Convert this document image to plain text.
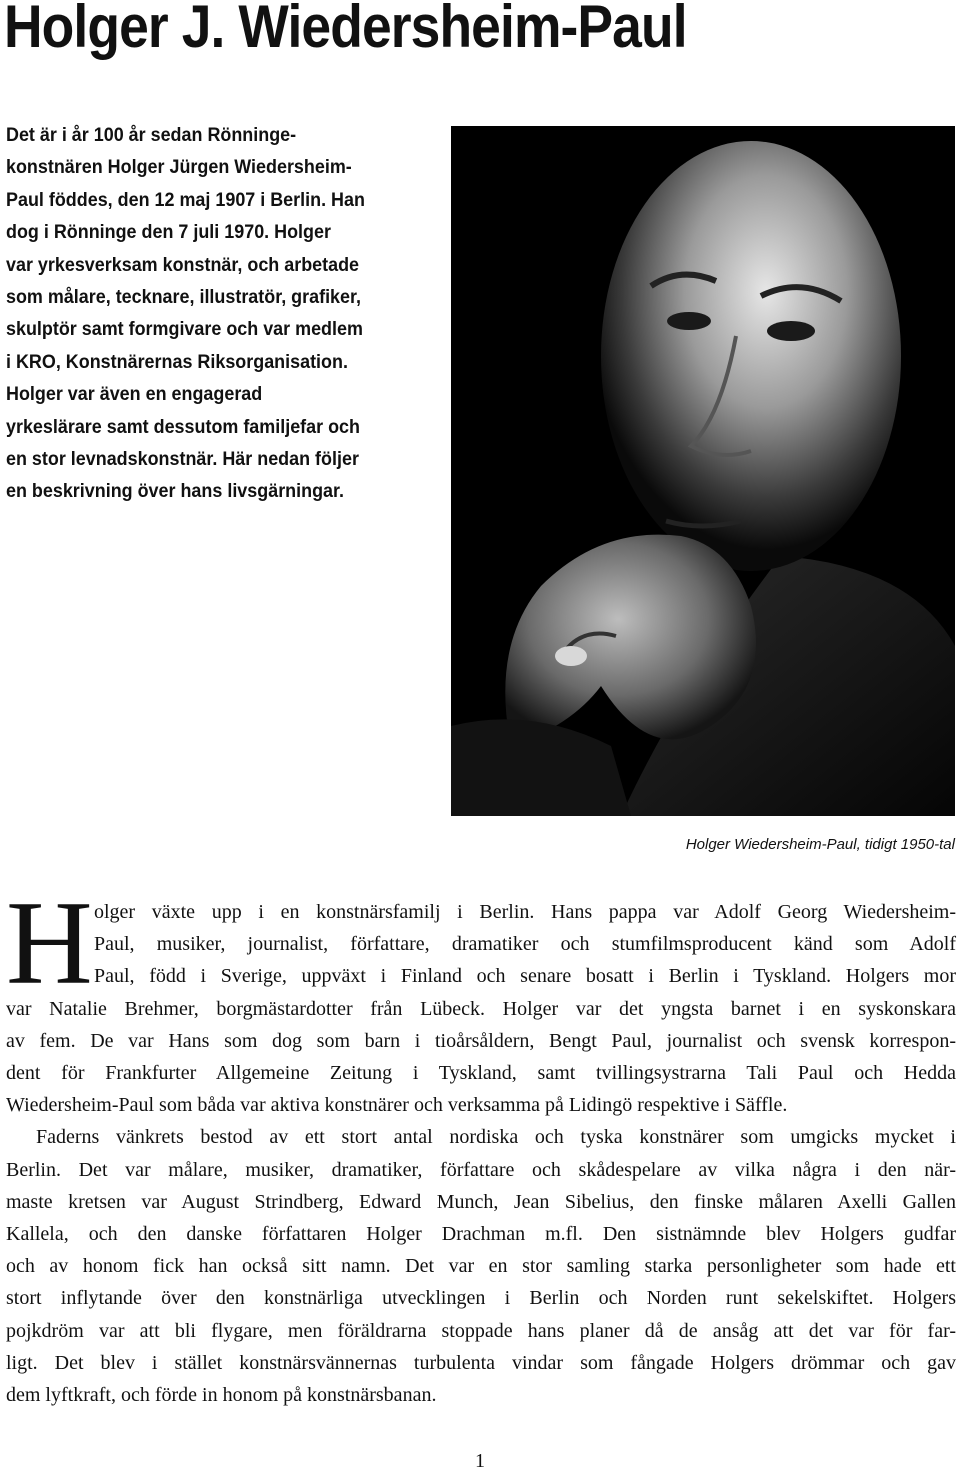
Holger J. Wiedersheim-Paul
Det är i år 100 år sedan Rönninge-
konstnären Holger Jürgen Wiedersheim-
Paul föddes, den 12 maj 1907 i Berlin. Han
dog i Rönninge den 7 juli 1970. Holger
var yrkesverksam konstnär, och arbetade
som målare, tecknare, illustratör, grafiker,
skulptör samt formgivare och var medlem
i KRO, Konstnärernas Riksorganisation.
Holger var även en engagerad
yrkeslärare samt dessutom familjefar och
en stor levnadskonstnär. Här nedan följer
en beskrivning över hans livsgärningar.

Holger Wiedersheim-Paul, tidigt 1950-tal

H olger växte upp i en konstnärsfamilj i Berlin. Hans pappa var Adolf Georg Wiedersheim-
Paul, musiker, journalist, författare, dramatiker och stumfilmsproducent känd som Adolf
Paul, född i Sverige, uppväxt i Finland och senare bosatt i Berlin i Tyskland. Holgers mor
var Natalie Brehmer, borgmästardotter från Lübeck. Holger var det yngsta barnet i en syskonskara
av fem. De var Hans som dog som barn i tioårsåldern, Bengt Paul, journalist och svensk korrespon-
dent för Frankfurter Allgemeine Zeitung i Tyskland, samt tvillingsystrarna Tali Paul och Hedda
Wiedersheim-Paul som båda var aktiva konstnärer och verksamma på Lidingö respektive i Säffle.
Faderns vänkrets bestod av ett stort antal nordiska och tyska konstnärer som umgicks mycket i
Berlin. Det var målare, musiker, dramatiker, författare och skådespelare av vilka några i den när-
maste kretsen var August Strindberg, Edward Munch, Jean Sibelius, den finske målaren Axelli Gallen
Kallela, och den danske författaren Holger Drachman m.fl. Den sistnämnde blev Holgers gudfar
och av honom fick han också sitt namn. Det var en stor samling starka personligheter som hade ett
stort inflytande över den konstnärliga utvecklingen i Berlin och Norden runt sekelskiftet. Holgers
pojkdröm var att bli flygare, men föräldrarna stoppade hans planer då de ansåg att det var för far-
ligt. Det blev i stället konstnärsvännernas turbulenta vindar som fångade Holgers drömmar och gav
dem lyftkraft, och förde in honom på konstnärsbanan.

1
